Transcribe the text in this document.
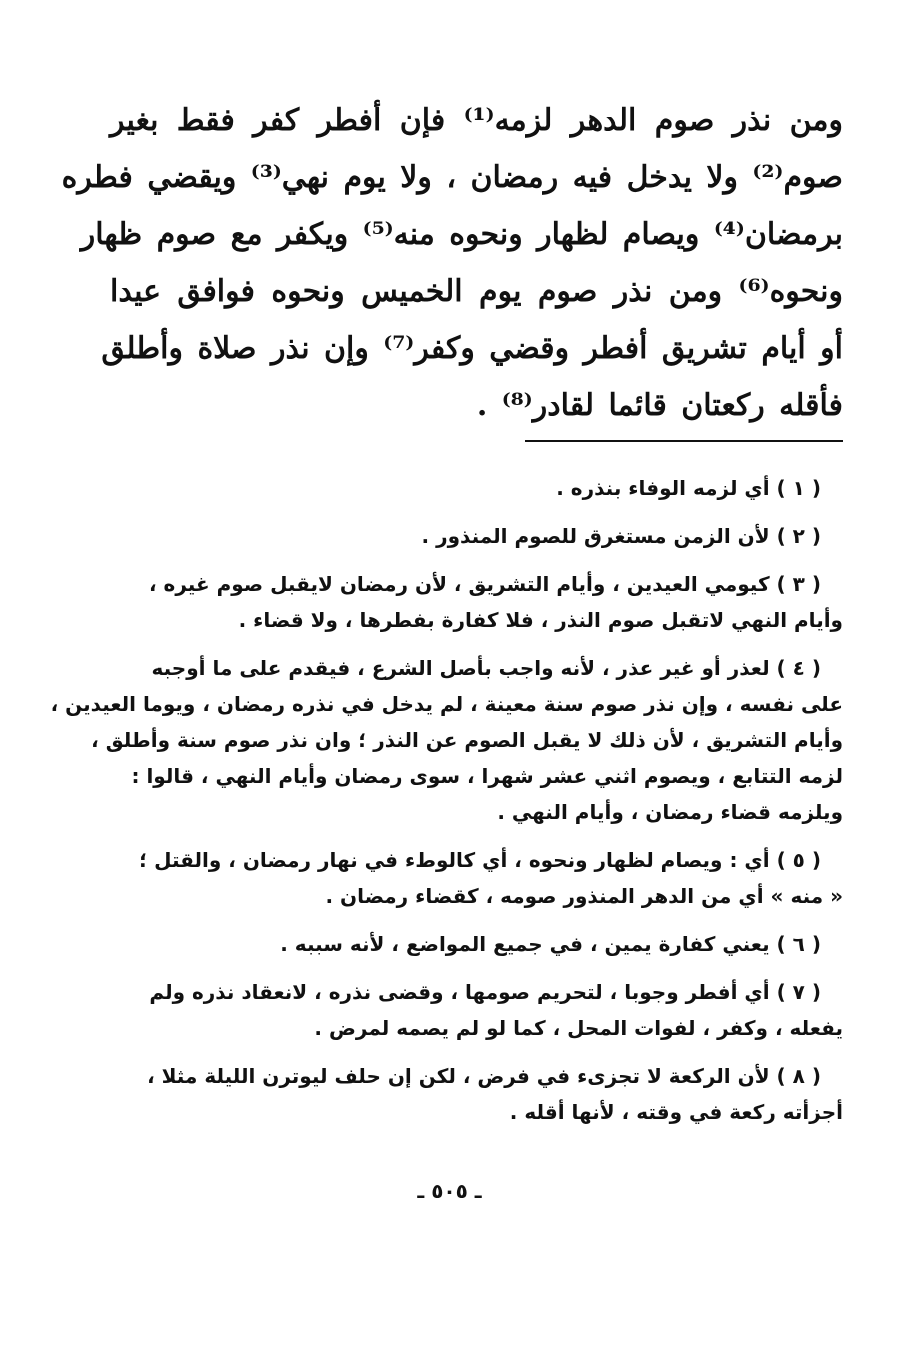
ومن نذر صوم الدهر لزمه⁽¹⁾ فإن أفطر كفر فقط بغير
صوم⁽²⁾ ولا يدخل فيه رمضان ، ولا يوم نهي⁽³⁾ ويقضي فطره
برمضان⁽⁴⁾ ويصام لظهار ونحوه منه⁽⁵⁾ ويكفر مع صوم ظهار
ونحوه⁽⁶⁾ ومن نذر صوم يوم الخميس ونحوه فوافق عيدا
أو أيام تشريق أفطر وقضي وكفر⁽⁷⁾ وإن نذر صلاة وأطلق
فأقله ركعتان قائما لقادر⁽⁸⁾ .
( ١ ) أي لزمه الوفاء بنذره .
( ٢ ) لأن الزمن مستغرق للصوم المنذور .
( ٣ ) كيومي العيدين ، وأيام التشريق ، لأن رمضان لايقبل صوم غيره ،
وأيام النهي لاتقبل صوم النذر ، فلا كفارة بفطرها ، ولا قضاء .
( ٤ ) لعذر أو غير عذر ، لأنه واجب بأصل الشرع ، فيقدم على ما أوجبه
على نفسه ، وإن نذر صوم سنة معينة ، لم يدخل في نذره رمضان ، ويوما العيدين ،
وأيام التشريق ، لأن ذلك لا يقبل الصوم عن النذر ؛ وان نذر صوم سنة وأطلق ،
لزمه التتابع ، ويصوم اثني عشر شهرا ، سوى رمضان وأيام النهي ، قالوا :
ويلزمه قضاء رمضان ، وأيام النهي .
( ٥ ) أي : ويصام لظهار ونحوه ، أي كالوطء في نهار رمضان ، والقتل ؛
« منه » أي من الدهر المنذور صومه ، كقضاء رمضان .
( ٦ ) يعني كفارة يمين ، في جميع المواضع ، لأنه سببه .
( ٧ ) أي أفطر وجوبا ، لتحريم صومها ، وقضى نذره ، لانعقاد نذره ولم
يفعله ، وكفر ، لفوات المحل ، كما لو لم يصمه لمرض .
( ٨ ) لأن الركعة لا تجزىء في فرض ، لكن إن حلف ليوترن الليلة مثلا ،
أجزأته ركعة في وقته ، لأنها أقله .
ـ ٥٠٥ ـ
